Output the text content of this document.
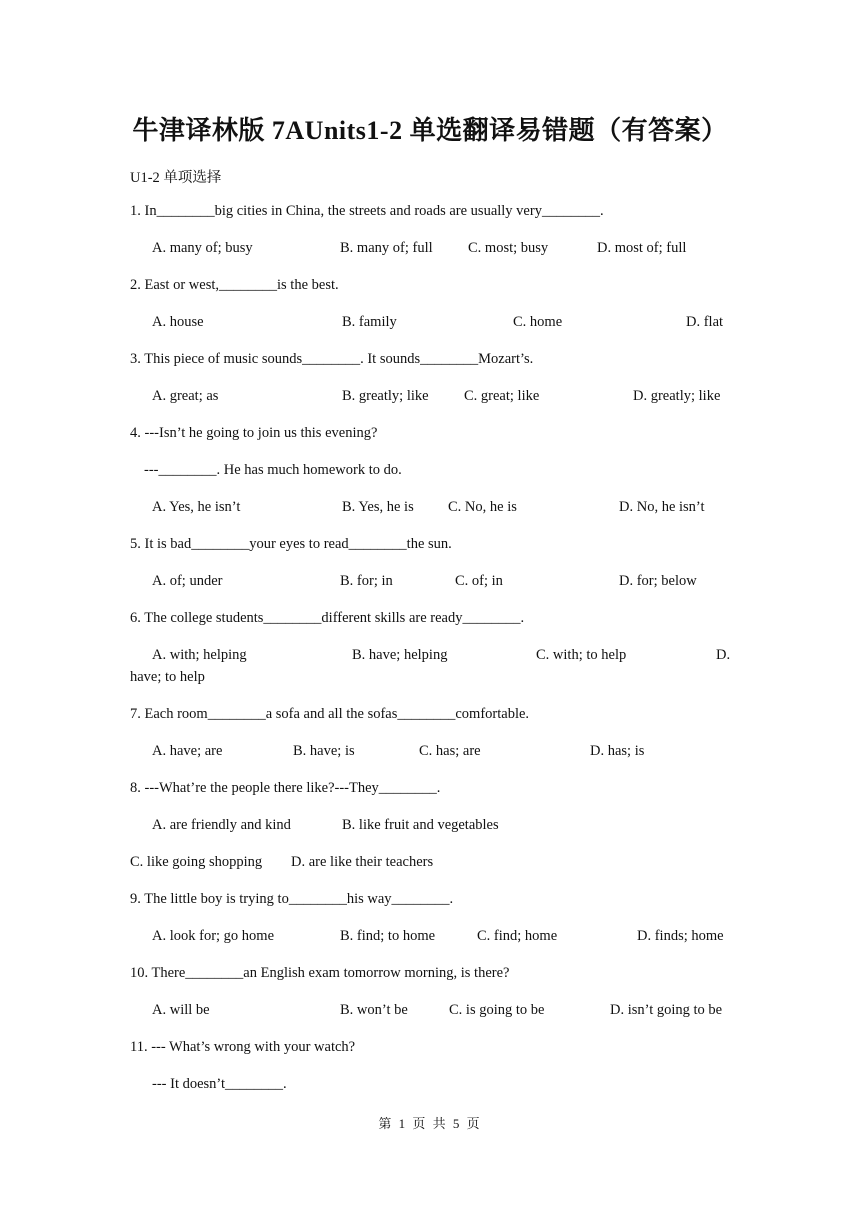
牛津译林版 7AUnits1-2 单选翻译易错题（有答案）
U1-2 单项选择
1. In________big cities in China, the streets and roads are usually very________.
A. many of; busy	B. many of; full C. most; busy	D. most of; full
2. East or west,________is the best.
A. house	B. family	C. home	D. flat
3. This piece of music sounds________. It sounds________Mozart’s.
A. great; as	B. greatly; like C. great; like	D. greatly; like
4. ---Isn’t he going to join us this evening?
---________. He has much homework to do.
A. Yes, he isn’t	B. Yes, he is C. No, he is	D. No, he isn’t
5. It is bad________your eyes to read________the sun.
A. of; under	B. for; in	C. of; in	D. for; below
6. The college students________different skills are ready________.
A. with; helping	B. have; helping	C. with; to help	D.
have; to help
7. Each room________a sofa and all the sofas________comfortable.
A. have; are	B. have; is	C. has; are	D. has; is
8. ---What’re the people there like?---They________.
A. are friendly and kind	B. like fruit and vegetables
C. like going shopping D. are like their teachers
9. The little boy is trying to________his way________.
A. look for; go home	B. find; to home	C. find; home	D. finds; home
10. There________an English exam tomorrow morning, is there?
A. will be	B. won’t be	C. is going to be	D. isn’t going to be
11. --- What’s wrong with your watch?
--- It doesn’t________.
第 1 页 共 5 页
